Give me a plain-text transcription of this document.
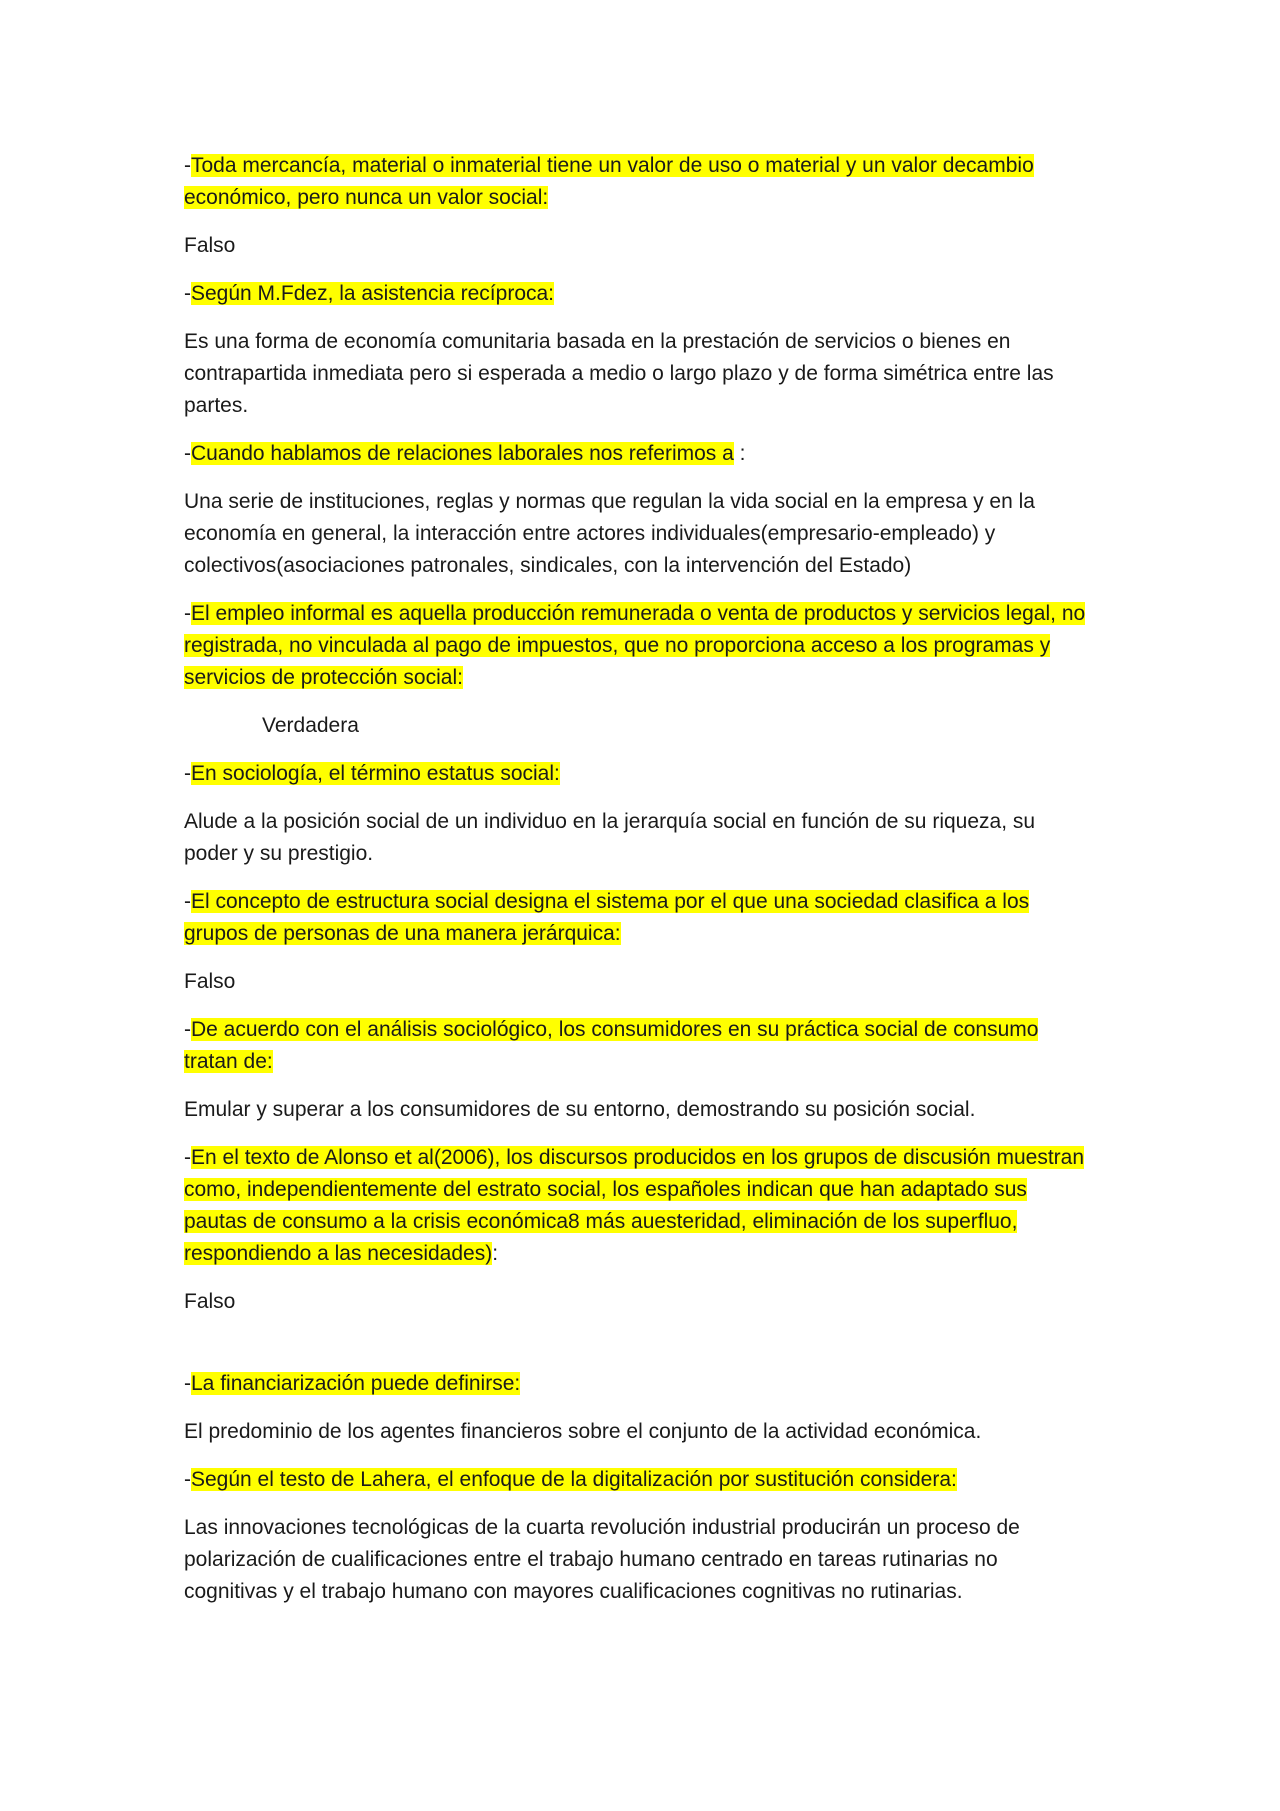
-Toda mercancía, material o inmaterial tiene un valor de uso o material y un valor decambio económico, pero nunca un valor social:

Falso

-Según M.Fdez, la asistencia recíproca:

Es una forma de economía comunitaria basada en la prestación de servicios o bienes en contrapartida inmediata pero si esperada a medio o largo plazo y de forma simétrica entre las partes.

-Cuando hablamos de relaciones laborales nos referimos a :

Una serie de instituciones, reglas y normas que regulan la vida social en la empresa y en la economía en general, la interacción entre actores individuales(empresario-empleado) y colectivos(asociaciones patronales, sindicales, con la intervención del Estado)

-El empleo informal es aquella producción remunerada o venta de productos y servicios legal, no registrada, no vinculada al pago de impuestos, que no proporciona acceso a los programas y servicios de protección social:

Verdadera

-En sociología, el término estatus social:

Alude a la posición social de un individuo en la jerarquía social en función de su riqueza, su poder y su prestigio.

-El concepto de estructura social designa el sistema por el que una sociedad clasifica a los grupos de personas de una manera jerárquica:

Falso

-De acuerdo con el análisis sociológico, los consumidores en su práctica social de consumo tratan de:

Emular y superar a los consumidores de su entorno, demostrando su posición social.

-En el texto de Alonso et al(2006), los discursos producidos en los grupos de discusión muestran como, independientemente del estrato social, los españoles indican que han adaptado sus pautas de consumo a la crisis económica8 más auesteridad, eliminación de los superfluo, respondiendo a las necesidades):

Falso

-La financiarización puede definirse:

El predominio de los agentes financieros sobre el conjunto de la actividad económica.

-Según el testo de Lahera, el enfoque de la digitalización por sustitución considera:

Las innovaciones tecnológicas de la cuarta revolución industrial producirán un proceso de polarización de cualificaciones entre el trabajo humano centrado en tareas rutinarias no cognitivas y el trabajo humano con mayores cualificaciones cognitivas no rutinarias.
